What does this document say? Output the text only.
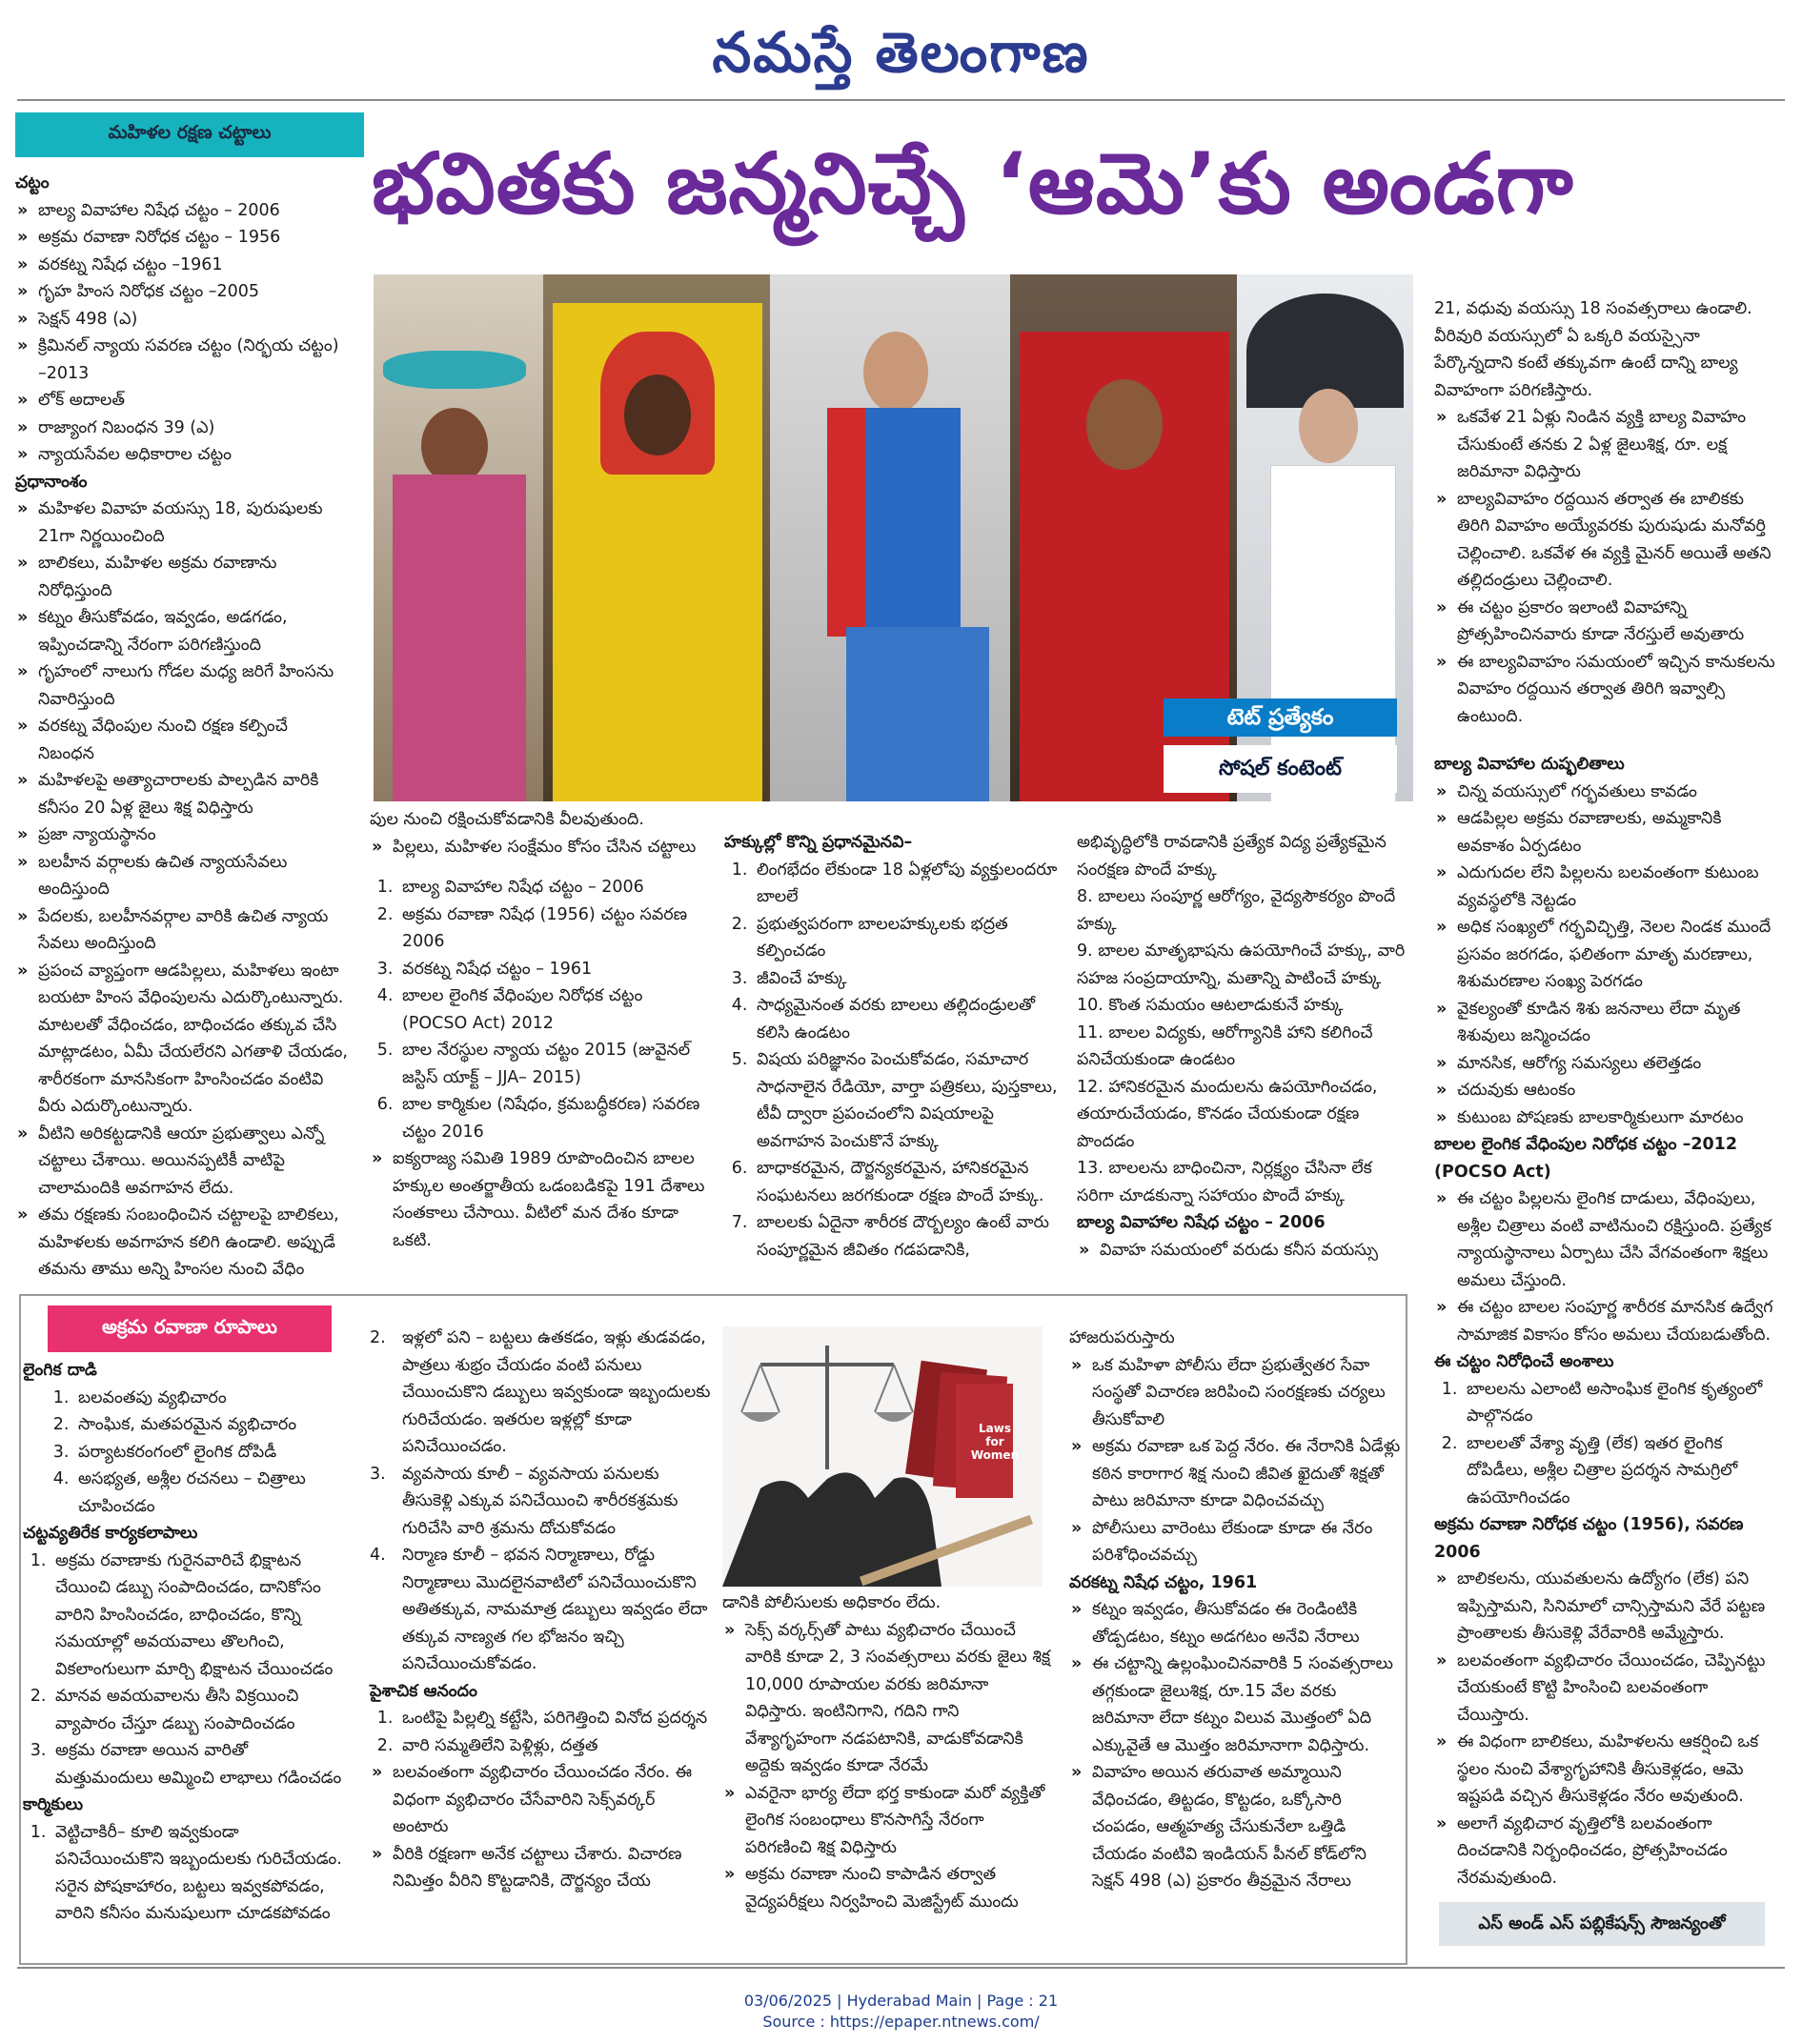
నమస్తే తెలంగాణ
భవితకు జన్మనిచ్చే ‘ఆమె’కు అండగా
మహిళల రక్షణ చట్టాలు

చట్టం

» బాల్య వివాహాల నిషేధ చట్టం – 2006
» అక్రమ రవాణా నిరోధక చట్టం – 1956
» వరకట్న నిషేధ చట్టం –1961
» గృహ హింస నిరోధక చట్టం –2005
» సెక్షన్ 498 (ఎ)
» క్రిమినల్ న్యాయ సవరణ చట్టం (నిర్భయ చట్టం) –2013
» లోక్ అదాలత్
» రాజ్యాంగ నిబంధన 39 (ఎ)
» న్యాయసేవల అధికారాల చట్టం

ప్రధానాంశం

» మహిళల వివాహ వయస్సు 18, పురుషులకు 21గా నిర్ణయించింది
» బాలికలు, మహిళల అక్రమ రవాణాను నిరోధిస్తుంది
» కట్నం తీసుకోవడం, ఇవ్వడం, అడగడం, ఇప్పించడాన్ని నేరంగా పరిగణిస్తుంది
» గృహంలో నాలుగు గోడల మధ్య జరిగే హింసను నివారిస్తుంది
» వరకట్న వేధింపుల నుంచి రక్షణ కల్పించే నిబంధన
» మహిళలపై అత్యాచారాలకు పాల్పడిన వారికి కనీసం 20 ఏళ్ల జైలు శిక్ష విధిస్తారు
» ప్రజా న్యాయస్థానం
» బలహీన వర్గాలకు ఉచిత న్యాయసేవలు అందిస్తుంది
» పేదలకు, బలహీనవర్గాల వారికి ఉచిత న్యాయ సేవలు అందిస్తుంది
» ప్రపంచ వ్యాప్తంగా ఆడపిల్లలు, మహిళలు ఇంటా బయటా హింస వేధింపులను ఎదుర్కొంటున్నారు. మాటలతో వేధించడం, బాధించడం తక్కువ చేసి మాట్లాడటం, ఏమీ చేయలేరని ఎగతాళి చేయడం, శారీరకంగా మానసికంగా హింసించడం వంటివి వీరు ఎదుర్కొంటున్నారు.
» వీటిని అరికట్టడానికి ఆయా ప్రభుత్వాలు ఎన్నో చట్టాలు చేశాయి. అయినప్పటికీ వాటిపై చాలామందికి అవగాహన లేదు.
» తమ రక్షణకు సంబంధించిన చట్టాలపై బాలికలు, మహిళలకు అవగాహన కలిగి ఉండాలి. అప్పుడే తమను తాము అన్ని హింసల నుంచి వేధిం
టెట్ ప్రత్యేకం
సోషల్ కంటెంట్

పుల నుంచి రక్షించుకోవడానికి వీలవుతుంది.

» పిల్లలు, మహిళల సంక్షేమం కోసం చేసిన చట్టాలు
1. బాల్య వివాహాల నిషేధ చట్టం – 2006
2. అక్రమ రవాణా నిషేధ (1956) చట్టం సవరణ 2006
3. వరకట్న నిషేధ చట్టం – 1961
4. బాలల లైంగిక వేధింపుల నిరోధక చట్టం (POCSO Act) 2012
5. బాల నేరస్థుల న్యాయ చట్టం 2015 (జువైనల్ జస్టిస్ యాక్ట్ – JJA– 2015)
6. బాల కార్మికుల (నిషేధం, క్రమబద్ధీకరణ) సవరణ చట్టం 2016
» ఐక్యరాజ్య సమితి 1989 రూపొందించిన బాలల హక్కుల అంతర్జాతీయ ఒడంబడికపై 191 దేశాలు సంతకాలు చేసాయి. వీటిలో మన దేశం కూడా ఒకటి.

హక్కుల్లో కొన్ని ప్రధానమైనవి–

1. లింగభేదం లేకుండా 18 ఏళ్లలోపు వ్యక్తులందరూ బాలలే
2. ప్రభుత్వపరంగా బాలలహక్కులకు భద్రత కల్పించడం
3. జీవించే హక్కు
4. సాధ్యమైనంత వరకు బాలలు తల్లిదండ్రులతో కలిసి ఉండటం
5. విషయ పరిజ్ఞానం పెంచుకోవడం, సమాచార సాధనాలైన రేడియో, వార్తా పత్రికలు, పుస్తకాలు, టీవీ ద్వారా ప్రపంచంలోని విషయాలపై అవగాహన పెంచుకొనే హక్కు
6. బాధాకరమైన, దౌర్జన్యకరమైన, హానికరమైన సంఘటనలు జరగకుండా రక్షణ పొందే హక్కు.
7. బాలలకు ఏదైనా శారీరక దౌర్బల్యం ఉంటే వారు సంపూర్ణమైన జీవితం గడపడానికి,

అభివృద్ధిలోకి రావడానికి ప్రత్యేక విద్య ప్రత్యేకమైన సంరక్షణ పొందే హక్కు

8. బాలలు సంపూర్ణ ఆరోగ్యం, వైద్యసౌకర్యం పొందే హక్కు

9. బాలల మాతృభాషను ఉపయోగించే హక్కు, వారి సహజ సంప్రదాయాన్ని, మతాన్ని పాటించే హక్కు

10. కొంత సమయం ఆటలాడుకునే హక్కు

11. బాలల విద్యకు, ఆరోగ్యానికి హాని కలిగించే పనిచేయకుండా ఉండటం

12. హానికరమైన మందులను ఉపయోగించడం, తయారుచేయడం, కొనడం చేయకుండా రక్షణ పొందడం

13. బాలలను బాధించినా, నిర్లక్ష్యం చేసినా లేక సరిగా చూడకున్నా సహాయం పొందే హక్కు

బాల్య వివాహాల నిషేధ చట్టం – 2006

» వివాహ సమయంలో వరుడు కనీస వయస్సు

21, వధువు వయస్సు 18 సంవత్సరాలు ఉండాలి. వీరివురి వయస్సులో ఏ ఒక్కరి వయస్సైనా పేర్కొన్నదాని కంటే తక్కువగా ఉంటే దాన్ని బాల్య వివాహంగా పరిగణిస్తారు.

» ఒకవేళ 21 ఏళ్లు నిండిన వ్యక్తి బాల్య వివాహం చేసుకుంటే తనకు 2 ఏళ్ల జైలుశిక్ష, రూ. లక్ష జరిమానా విధిస్తారు
» బాల్యవివాహం రద్దయిన తర్వాత ఈ బాలికకు తిరిగి వివాహం అయ్యేవరకు పురుషుడు మనోవర్తి చెల్లించాలి. ఒకవేళ ఈ వ్యక్తి మైనర్ అయితే అతని తల్లిదండ్రులు చెల్లించాలి.
» ఈ చట్టం ప్రకారం ఇలాంటి వివాహాన్ని ప్రోత్సహించినవారు కూడా నేరస్తులే అవుతారు
» ఈ బాల్యవివాహం సమయంలో ఇచ్చిన కానుకలను వివాహం రద్దయిన తర్వాత తిరిగి ఇవ్వాల్సి ఉంటుంది.

బాల్య వివాహాల దుష్ఫలితాలు

» చిన్న వయస్సులో గర్భవతులు కావడం
» ఆడపిల్లల అక్రమ రవాణాలకు, అమ్మకానికి అవకాశం ఏర్పడటం
» ఎదుగుదల లేని పిల్లలను బలవంతంగా కుటుంబ వ్యవస్థలోకి నెట్టడం
» అధిక సంఖ్యలో గర్భవిచ్ఛిత్తి, నెలల నిండక ముందే ప్రసవం జరగడం, ఫలితంగా మాతృ మరణాలు, శిశుమరణాల సంఖ్య పెరగడం
» వైకల్యంతో కూడిన శిశు జననాలు లేదా మృత శిశువులు జన్మించడం
» మానసిక, ఆరోగ్య సమస్యలు తలెత్తడం
» చదువుకు ఆటంకం
» కుటుంబ పోషణకు బాలకార్మికులుగా మారటం

బాలల లైంగిక వేధింపుల నిరోధక చట్టం –2012 (POCSO Act)

» ఈ చట్టం పిల్లలను లైంగిక దాడులు, వేధింపులు, అశ్లీల చిత్రాలు వంటి వాటినుంచి రక్షిస్తుంది. ప్రత్యేక న్యాయస్థానాలు ఏర్పాటు చేసి వేగవంతంగా శిక్షలు అమలు చేస్తుంది.
» ఈ చట్టం బాలల సంపూర్ణ శారీరక మానసిక ఉద్వేగ సామాజిక వికాసం కోసం అమలు చేయబడుతోంది.

ఈ చట్టం నిరోధించే అంశాలు

1. బాలలను ఎలాంటి అసాంఘిక లైంగిక కృత్యంలో పాల్గొనడం
2. బాలలతో వేశ్యా వృత్తి (లేక) ఇతర లైంగిక దోపిడీలు, అశ్లీల చిత్రాల ప్రదర్శన సామగ్రిలో ఉపయోగించడం

అక్రమ రవాణా నిరోధక చట్టం (1956), సవరణ 2006

» బాలికలను, యువతులను ఉద్యోగం (లేక) పని ఇప్పిస్తామని, సినిమాలో చాన్సిస్తామని వేరే పట్టణ ప్రాంతాలకు తీసుకెళ్లి వేరేవారికి అమ్మేస్తారు.
» బలవంతంగా వ్యభిచారం చేయించడం, చెప్పినట్టు చేయకుంటే కొట్టి హింసించి బలవంతంగా చేయిస్తారు.
» ఈ విధంగా బాలికలు, మహిళలను ఆకర్షించి ఒక స్థలం నుంచి వేశ్యాగృహానికి తీసుకెళ్లడం, ఆమె ఇష్టపడి వచ్చిన తీసుకెళ్లడం నేరం అవుతుంది.
» అలాగే వ్యభిచార వృత్తిలోకి బలవంతంగా దించడానికి నిర్బంధించడం, ప్రోత్సహించడం నేరమవుతుంది.
ఎస్ అండ్ ఎస్ పబ్లికేషన్స్ సౌజన్యంతో
అక్రమ రవాణా రూపాలు

లైంగిక దాడి

1. బలవంతపు వ్యభిచారం
2. సాంఘిక, మతపరమైన వ్యభిచారం
3. పర్యాటకరంగంలో లైంగిక దోపిడీ
4. అసభ్యత, అశ్లీల రచనలు – చిత్రాలు చూపించడం

చట్టవ్యతిరేక కార్యకలాపాలు

1. అక్రమ రవాణాకు గురైనవారిచే భిక్షాటన చేయించి డబ్బు సంపాదించడం, దానికోసం వారిని హింసించడం, బాధించడం, కొన్ని సమయాల్లో అవయవాలు తొలగించి, వికలాంగులుగా మార్చి భిక్షాటన చేయించడం
2. మానవ అవయవాలను తీసి విక్రయించి వ్యాపారం చేస్తూ డబ్బు సంపాదించడం
3. అక్రమ రవాణా అయిన వారితో మత్తుమందులు అమ్మించి లాభాలు గడించడం

కార్మికులు

1. వెట్టిచాకిరీ– కూలి ఇవ్వకుండా పనిచేయించుకొని ఇబ్బందులకు గురిచేయడం. సరైన పోషకాహారం, బట్టలు ఇవ్వకపోవడం, వారిని కనీసం మనుషులుగా చూడకపోవడం
2. ఇళ్లలో పని – బట్టలు ఉతకడం, ఇళ్లు తుడవడం, పాత్రలు శుభ్రం చేయడం వంటి పనులు చేయించుకొని డబ్బులు ఇవ్వకుండా ఇబ్బందులకు గురిచేయడం. ఇతరుల ఇళ్లల్లో కూడా పనిచేయించడం.
3. వ్యవసాయ కూలీ – వ్యవసాయ పనులకు తీసుకెళ్లి ఎక్కువ పనిచేయించి శారీరకశ్రమకు గురిచేసి వారి శ్రమను దోచుకోవడం
4. నిర్మాణ కూలీ – భవన నిర్మాణాలు, రోడ్డు నిర్మాణాలు మొదలైనవాటిలో పనిచేయించుకొని అతితక్కువ, నామమాత్ర డబ్బులు ఇవ్వడం లేదా తక్కువ నాణ్యత గల భోజనం ఇచ్చి పనిచేయించుకోవడం.

పైశాచిక ఆనందం

1. ఒంటిపై పిల్లల్ని కట్టేసి, పరిగెత్తించి వినోద ప్రదర్శన
2. వారి సమ్మతిలేని పెళ్లిళ్లు, దత్తత
» బలవంతంగా వ్యభిచారం చేయించడం నేరం. ఈ విధంగా వ్యభిచారం చేసేవారిని సెక్స్‌వర్కర్ అంటారు
» వీరికి రక్షణగా అనేక చట్టాలు చేశారు. విచారణ నిమిత్తం వీరిని కొట్టడానికి, దౌర్జన్యం చేయ
Laws for Women

డానికి పోలీసులకు అధికారం లేదు.

» సెక్స్ వర్కర్స్‌తో పాటు వ్యభిచారం చేయించే వారికి కూడా 2, 3 సంవత్సరాలు వరకు జైలు శిక్ష 10,000 రూపాయల వరకు జరిమానా విధిస్తారు. ఇంటినిగాని, గదిని గాని వేశ్యాగృహంగా నడపటానికి, వాడుకోవడానికి అద్దెకు ఇవ్వడం కూడా నేరమే
» ఎవరైనా భార్య లేదా భర్త కాకుండా మరో వ్యక్తితో లైంగిక సంబంధాలు కొనసాగిస్తే నేరంగా పరిగణించి శిక్ష విధిస్తారు
» అక్రమ రవాణా నుంచి కాపాడిన తర్వాత వైద్యపరీక్షలు నిర్వహించి మెజిస్ట్రేట్ ముందు

హాజరుపరుస్తారు

» ఒక మహిళా పోలీసు లేదా ప్రభుత్వేతర సేవా సంస్థతో విచారణ జరిపించి సంరక్షణకు చర్యలు తీసుకోవాలి
» అక్రమ రవాణా ఒక పెద్ద నేరం. ఈ నేరానికి ఏడేళ్లు కఠిన కారాగార శిక్ష నుంచి జీవిత ఖైదుతో శిక్షతో పాటు జరిమానా కూడా విధించవచ్చు
» పోలీసులు వారెంటు లేకుండా కూడా ఈ నేరం పరిశోధించవచ్చు

వరకట్న నిషేధ చట్టం, 1961

» కట్నం ఇవ్వడం, తీసుకోవడం ఈ రెండింటికి తోడ్పడటం, కట్నం అడగటం అనేవి నేరాలు
» ఈ చట్టాన్ని ఉల్లంఘించినవారికి 5 సంవత్సరాలు తగ్గకుండా జైలుశిక్ష, రూ.15 వేల వరకు జరిమానా లేదా కట్నం విలువ మొత్తంలో ఏది ఎక్కువైతే ఆ మొత్తం జరిమానాగా విధిస్తారు.
» వివాహం అయిన తరువాత అమ్మాయిని వేధించడం, తిట్టడం, కొట్టడం, ఒక్కోసారి చంపడం, ఆత్మహత్య చేసుకునేలా ఒత్తిడి చేయడం వంటివి ఇండియన్ పీనల్ కోడ్‌లోని సెక్షన్ 498 (ఎ) ప్రకారం తీవ్రమైన నేరాలు
03/06/2025 | Hyderabad Main | Page : 21
Source : https://epaper.ntnews.com/
